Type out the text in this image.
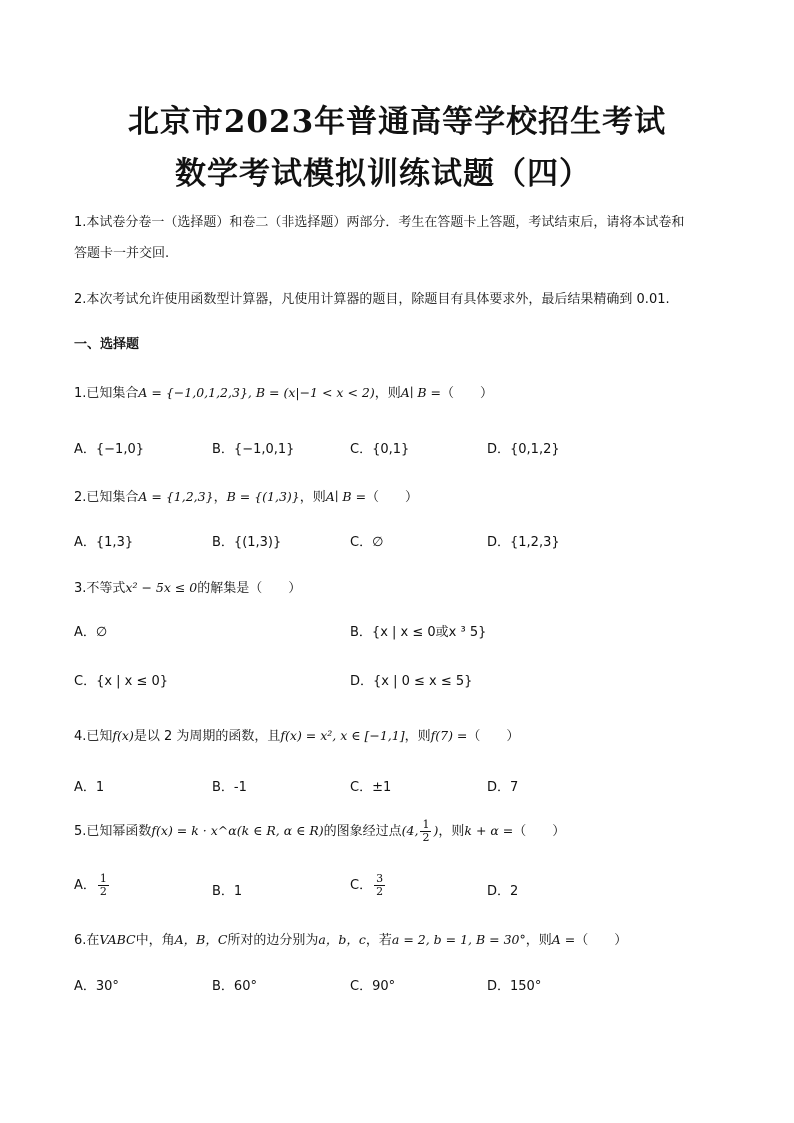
北京市2023年普通高等学校招生考试
数学考试模拟训练试题（四）
1.本试卷分卷一（选择题）和卷二（非选择题）两部分．考生在答题卡上答题，考试结束后，请将本试卷和
答题卡一并交回.
2.本次考试允许使用函数型计算器，凡使用计算器的题目，除题目有具体要求外，最后结果精确到 0.01.
一、选择题
1.已知集合A = {−1,0,1,2,3}, B = (x|−1 < x < 2)，则A∣ B =（　　）
A．{−1,0}	B．{−1,0,1}	C．{0,1}	D．{0,1,2}
2.已知集合A = {1,2,3}，B = {(1,3)}，则A∣ B =（　　）
A．{1,3}	B．{(1,3)}	C．∅	D．{1,2,3}
3.不等式x² − 5x ≤ 0的解集是（　　）
A．∅	B．{x | x ≤ 0或x ³ 5}
C．{x | x ≤ 0}	D．{x | 0 ≤ x ≤ 5}
4.已知f(x)是以 2 为周期的函数，且f(x) = x², x ∈ [−1,1]，则f(7) =（　　）
A．1	B．-1	C．±1	D．7
5.已知幂函数f(x) = k · x^α(k ∈ R, α ∈ R)的图象经过点(4, $\frac{1}{2}$ )，则k + α =（　　）
A． $\frac{1}{2}$	B．1	C． $\frac{3}{2}$	D．2
6.在VABC中，角A，B，C所对的边分别为a，b，c，若a = 2, b = 1, B = 30°，则A =（　　）
A．30°	B．60°	C．90°	D．150°
